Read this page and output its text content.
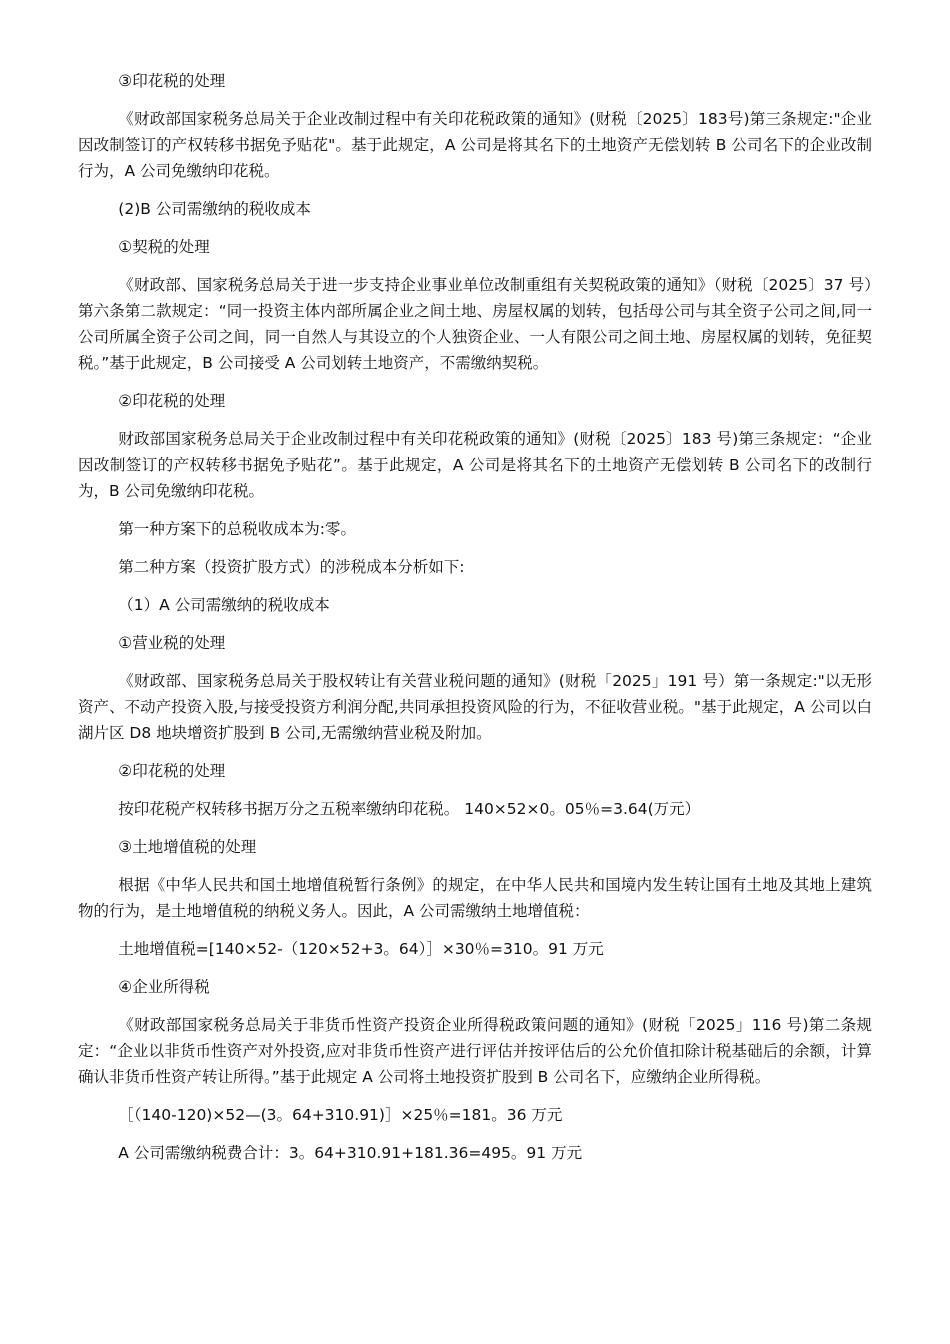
③印花税的处理

《财政部国家税务总局关于企业改制过程中有关印花税政策的通知》(财税〔2025〕183号)第三条规定:"企业因改制签订的产权转移书据免予贴花"。基于此规定，A 公司是将其名下的土地资产无偿划转 B 公司名下的企业改制行为，A 公司免缴纳印花税。

(2)B 公司需缴纳的税收成本

①契税的处理

《财政部、国家税务总局关于进一步支持企业事业单位改制重组有关契税政策的通知》（财税〔2025〕37 号）第六条第二款规定：“同一投资主体内部所属企业之间土地、房屋权属的划转，包括母公司与其全资子公司之间,同一公司所属全资子公司之间，同一自然人与其设立的个人独资企业、一人有限公司之间土地、房屋权属的划转，免征契税。”基于此规定，B 公司接受 A 公司划转土地资产，不需缴纳契税。

②印花税的处理

财政部国家税务总局关于企业改制过程中有关印花税政策的通知》(财税〔2025〕183 号)第三条规定：“企业因改制签订的产权转移书据免予贴花”。基于此规定，A 公司是将其名下的土地资产无偿划转 B 公司名下的改制行为，B 公司免缴纳印花税。

第一种方案下的总税收成本为:零。

第二种方案（投资扩股方式）的涉税成本分析如下:

（1）A 公司需缴纳的税收成本

①营业税的处理

《财政部、国家税务总局关于股权转让有关营业税问题的通知》(财税「2025」191 号）第一条规定:"以无形资产、不动产投资入股,与接受投资方利润分配,共同承担投资风险的行为，不征收营业税。"基于此规定，A 公司以白湖片区 D8 地块增资扩股到 B 公司,无需缴纳营业税及附加。

②印花税的处理

按印花税产权转移书据万分之五税率缴纳印花税。 140×52×0。05％=3.64(万元）

③土地增值税的处理

根据《中华人民共和国土地增值税暂行条例》的规定，在中华人民共和国境内发生转让国有土地及其地上建筑物的行为，是土地增值税的纳税义务人。因此，A 公司需缴纳土地增值税：

土地增值税=[140×52-（120×52+3。64）］×30％=310。91 万元

④企业所得税

《财政部国家税务总局关于非货币性资产投资企业所得税政策问题的通知》(财税「2025」116 号)第二条规定：“企业以非货币性资产对外投资,应对非货币性资产进行评估并按评估后的公允价值扣除计税基础后的余额，计算确认非货币性资产转让所得。”基于此规定 A 公司将土地投资扩股到 B 公司名下，应缴纳企业所得税。

［（140-120)×52—(3。64+310.91)］×25％=181。36 万元

A 公司需缴纳税费合计：3。64+310.91+181.36=495。91 万元
